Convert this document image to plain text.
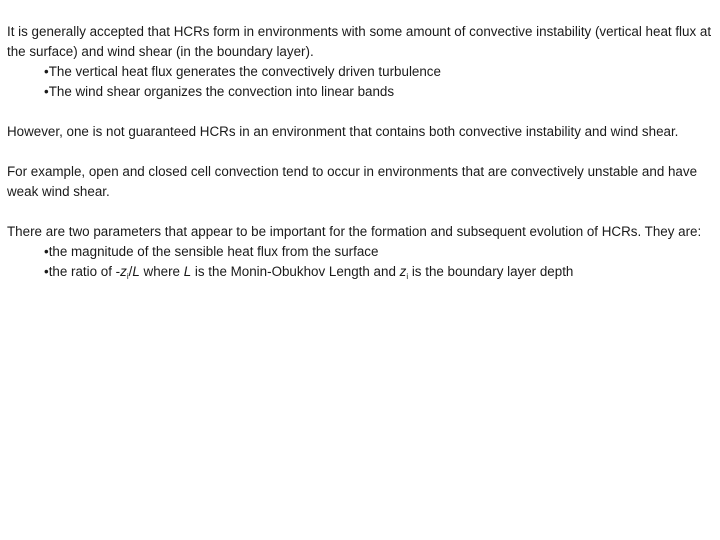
It is generally accepted that HCRs form in environments with some amount of convective instability (vertical heat flux at the surface) and wind shear (in the boundary layer).

•The vertical heat flux generates the convectively driven turbulence

•The wind shear organizes the convection into linear bands

However, one is not guaranteed HCRs in an environment that contains both convective instability and wind shear.

For example, open and closed cell convection tend to occur in environments that are convectively unstable and have weak wind shear.

There are two parameters that appear to be important for the formation and subsequent evolution of HCRs. They are:

•the magnitude of the sensible heat flux from the surface

•the ratio of $-z_i/L$ where L is the Monin-Obukhov Length and $z_i$ is the boundary layer depth
